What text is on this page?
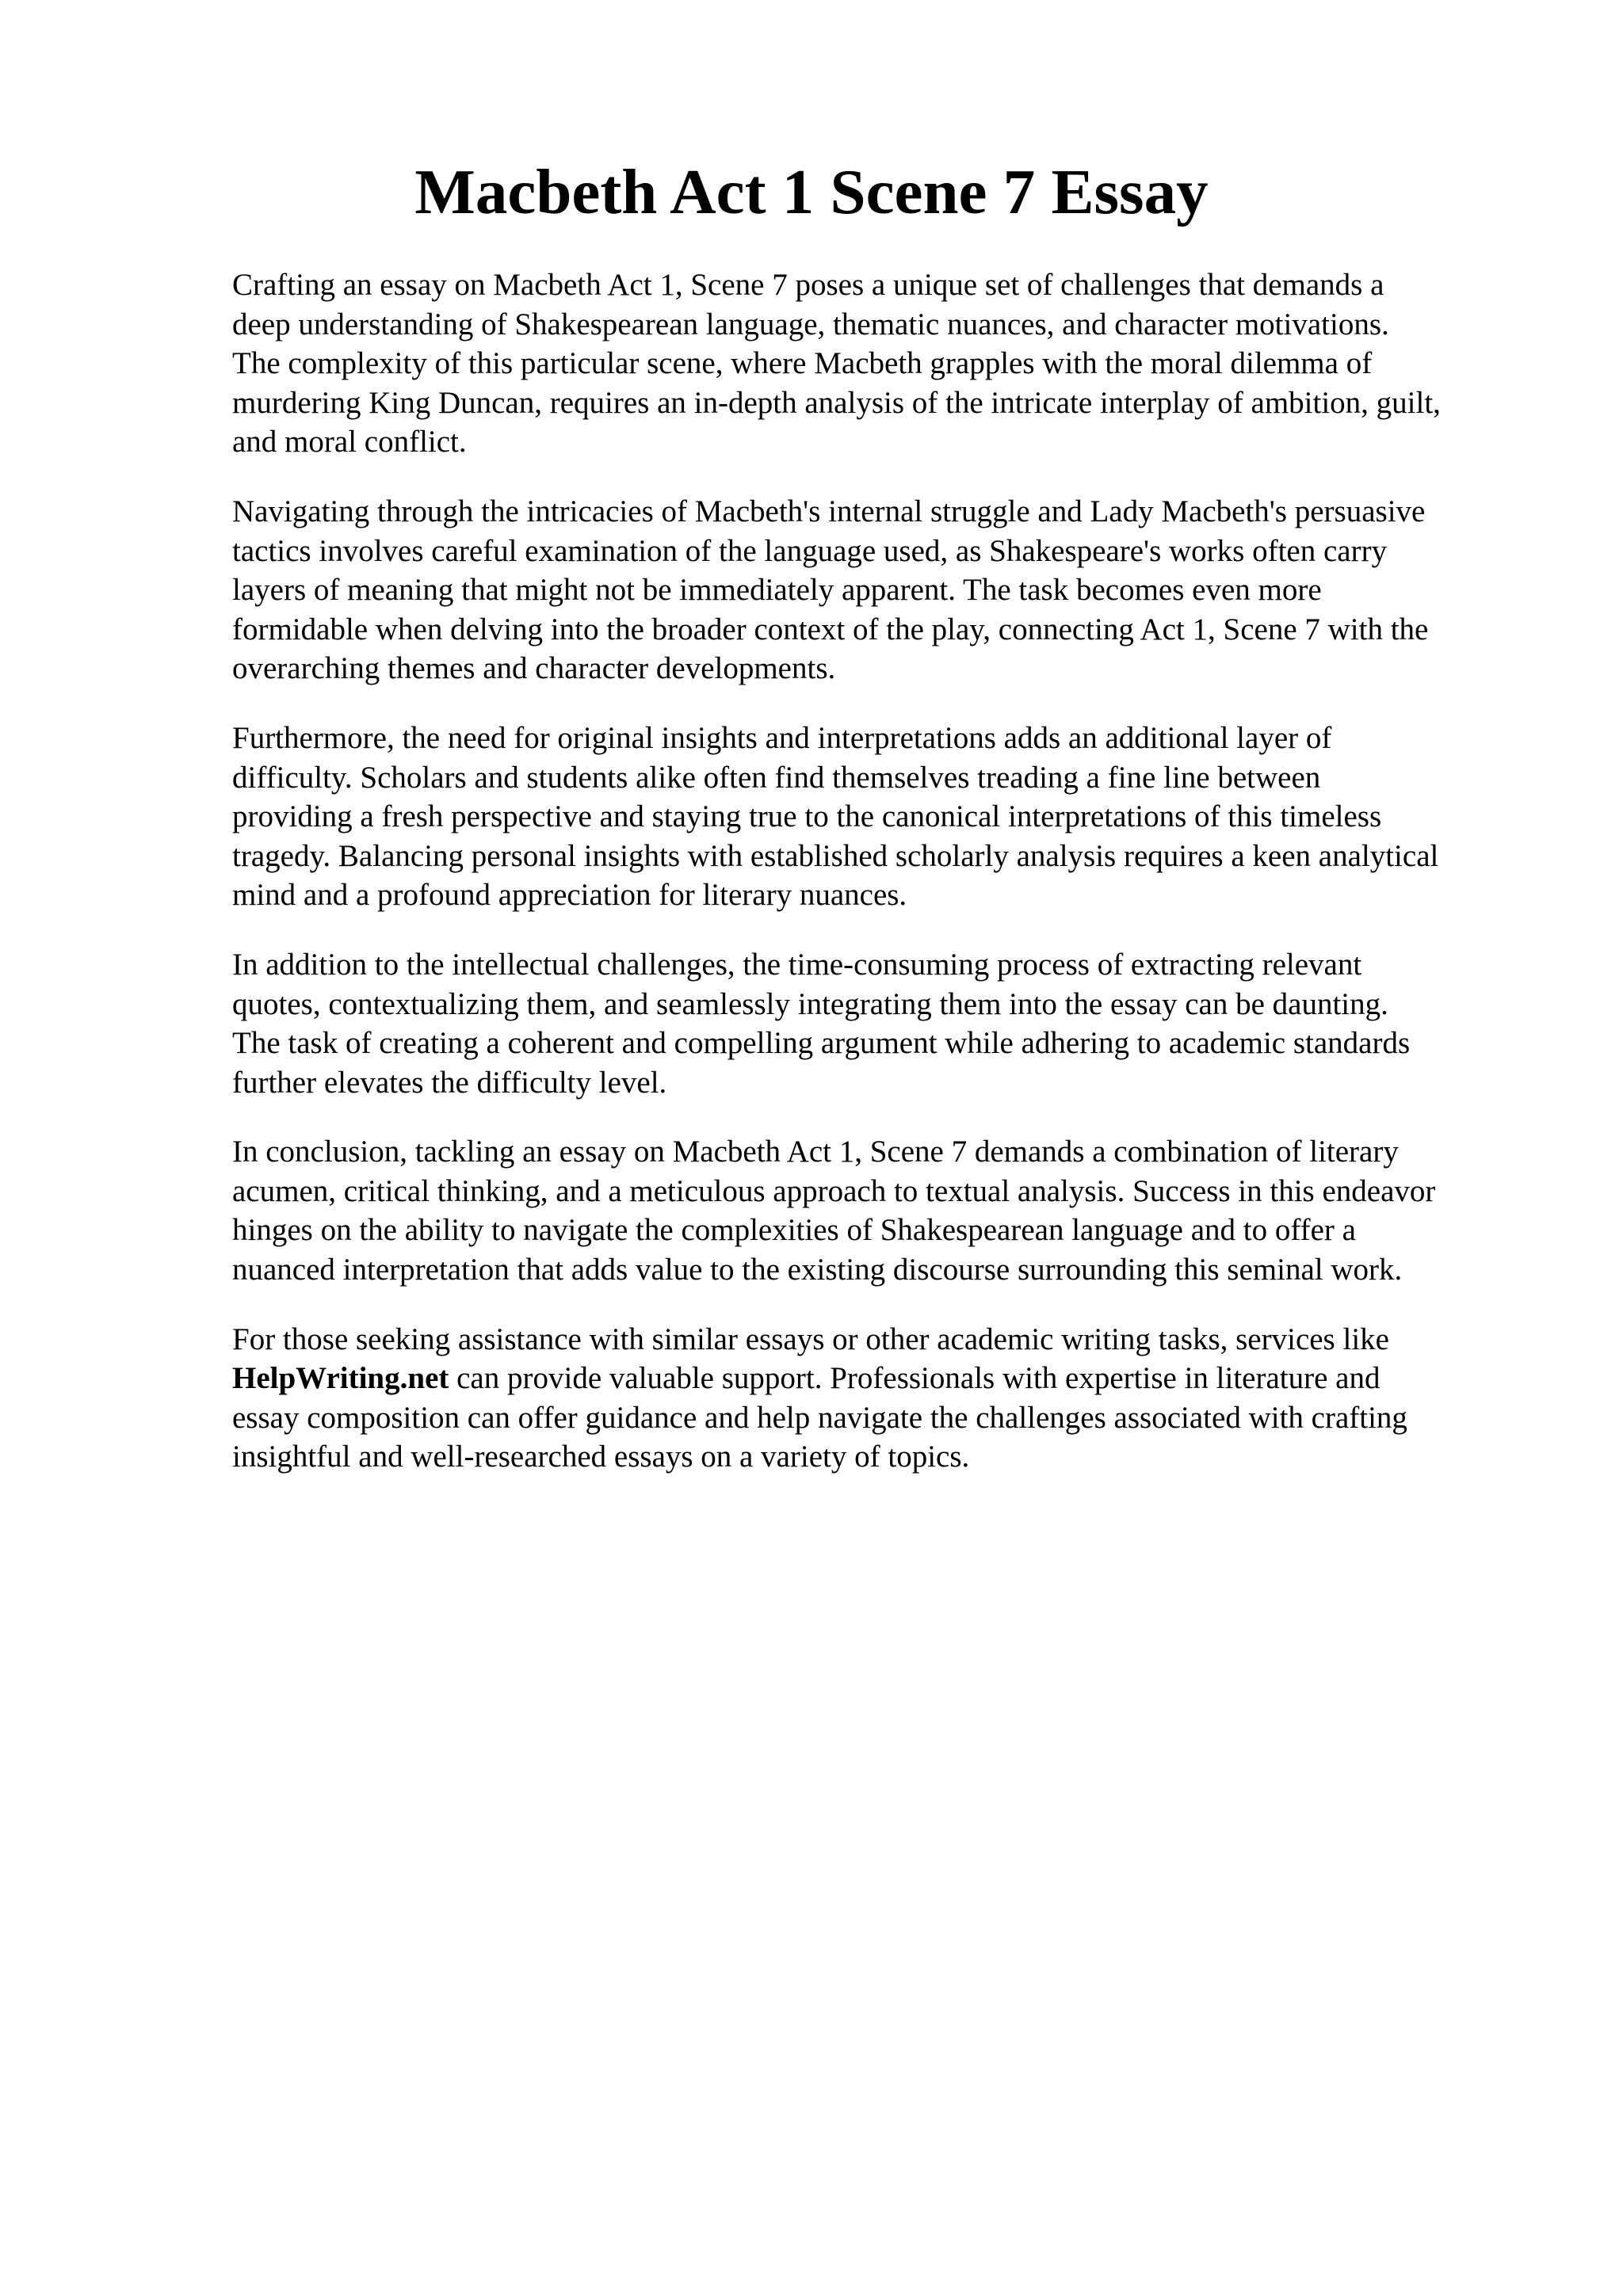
Macbeth Act 1 Scene 7 Essay

Crafting an essay on Macbeth Act 1, Scene 7 poses a unique set of challenges that demands a
deep understanding of Shakespearean language, thematic nuances, and character motivations.
The complexity of this particular scene, where Macbeth grapples with the moral dilemma of
murdering King Duncan, requires an in-depth analysis of the intricate interplay of ambition, guilt,
and moral conflict.

Navigating through the intricacies of Macbeth's internal struggle and Lady Macbeth's persuasive
tactics involves careful examination of the language used, as Shakespeare's works often carry
layers of meaning that might not be immediately apparent. The task becomes even more
formidable when delving into the broader context of the play, connecting Act 1, Scene 7 with the
overarching themes and character developments.

Furthermore, the need for original insights and interpretations adds an additional layer of
difficulty. Scholars and students alike often find themselves treading a fine line between
providing a fresh perspective and staying true to the canonical interpretations of this timeless
tragedy. Balancing personal insights with established scholarly analysis requires a keen analytical
mind and a profound appreciation for literary nuances.

In addition to the intellectual challenges, the time-consuming process of extracting relevant
quotes, contextualizing them, and seamlessly integrating them into the essay can be daunting.
The task of creating a coherent and compelling argument while adhering to academic standards
further elevates the difficulty level.

In conclusion, tackling an essay on Macbeth Act 1, Scene 7 demands a combination of literary
acumen, critical thinking, and a meticulous approach to textual analysis. Success in this endeavor
hinges on the ability to navigate the complexities of Shakespearean language and to offer a
nuanced interpretation that adds value to the existing discourse surrounding this seminal work.

For those seeking assistance with similar essays or other academic writing tasks, services like
HelpWriting.net can provide valuable support. Professionals with expertise in literature and
essay composition can offer guidance and help navigate the challenges associated with crafting
insightful and well-researched essays on a variety of topics.
